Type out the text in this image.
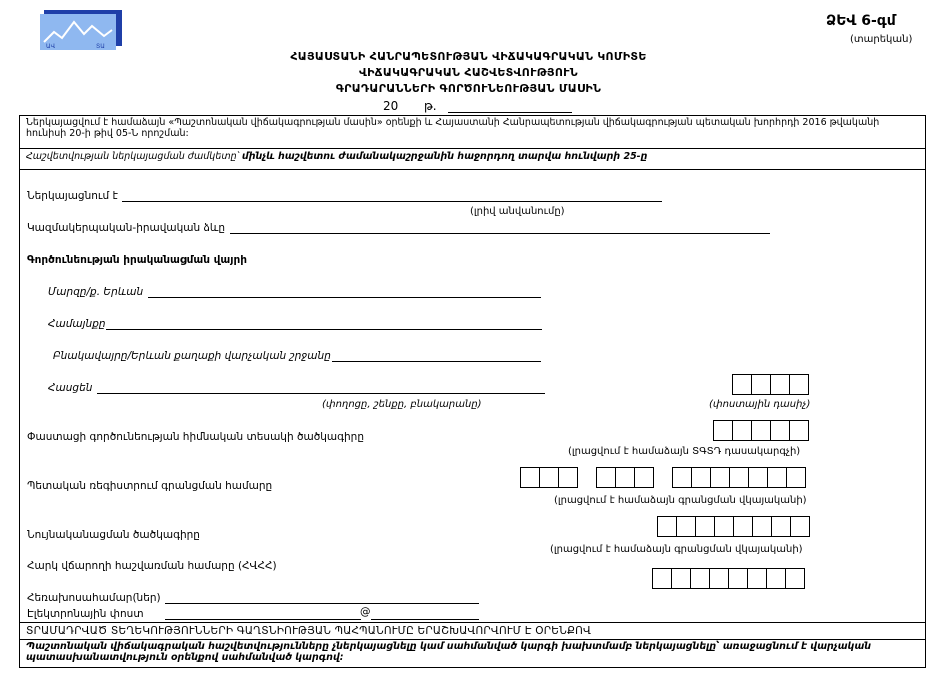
ԱՎ	ՏԱ
ՁԵՎ 6-գմ
(տարեկան)
ՀԱՅԱՍՏԱՆԻ ՀԱՆՐԱՊԵՏՈՒԹՅԱՆ ՎԻՃԱԿԱԳՐԱԿԱՆ ԿՈՄԻՏԵ
ՎԻՃԱԿԱԳՐԱԿԱՆ ՀԱՇՎԵՏՎՈՒԹՅՈՒՆ
ԳՐԱԴԱՐԱՆՆԵՐԻ ԳՈՐԾՈՒՆԵՈՒԹՅԱՆ ՄԱՍԻՆ
20 թ.
Ներկայացվում է համաձայն «Պաշտոնական վիճակագրության մասին» օրենքի և Հայաստանի Հանրապետության վիճակագրության պետական խորհրդի 2016 թվականի հունիսի 20-ի թիվ 05-Ն որոշման:
Հաշվետվության ներկայացման ժամկետը՝ մինչև հաշվետու ժամանակաշրջանին հաջորդող տարվա հունվարի 25-ը
Ներկայացնում է
(լրիվ անվանումը)
Կազմակերպական-իրավական ձևը
Գործունեության իրականացման վայրի
Մարզը/ք. Երևան
Համայնքը
Բնակավայրը/Երևան քաղաքի վարչական շրջանը
Հասցեն
(փողոցը, շենքը, բնակարանը)	(փոստային դասիչ)
Փաստացի գործունեության հիմնական տեսակի ծածկագիրը
(լրացվում է համաձայն ՏԳՏԴ դասակարգչի)
Պետական ռեգիստրում գրանցման համարը
(լրացվում է համաձայն գրանցման վկայականի)
Նույնականացման ծածկագիրը
(լրացվում է համաձայն գրանցման վկայականի)
Հարկ վճարողի հաշվառման համարը (ՀՎՀՀ)
Հեռախոսահամար(ներ)
Էլեկտրոնային փոստ	@
ՏՐԱՄԱԴՐՎԱԾ ՏԵՂԵԿՈՒԹՅՈՒՆՆԵՐԻ ԳԱՂՏՆԻՈՒԹՅԱՆ ՊԱՀՊԱՆՈՒՄԸ ԵՐԱՇԽԱՎՈՐՎՈՒՄ Է ՕՐԵՆՔՈՎ
Պաշտոնական վիճակագրական հաշվետվությունները չներկայացնելը կամ սահմանված կարգի խախտմամբ ներկայացնելը՝ առաջացնում է վարչական պատասխանատվություն օրենքով սահմանված կարգով:
